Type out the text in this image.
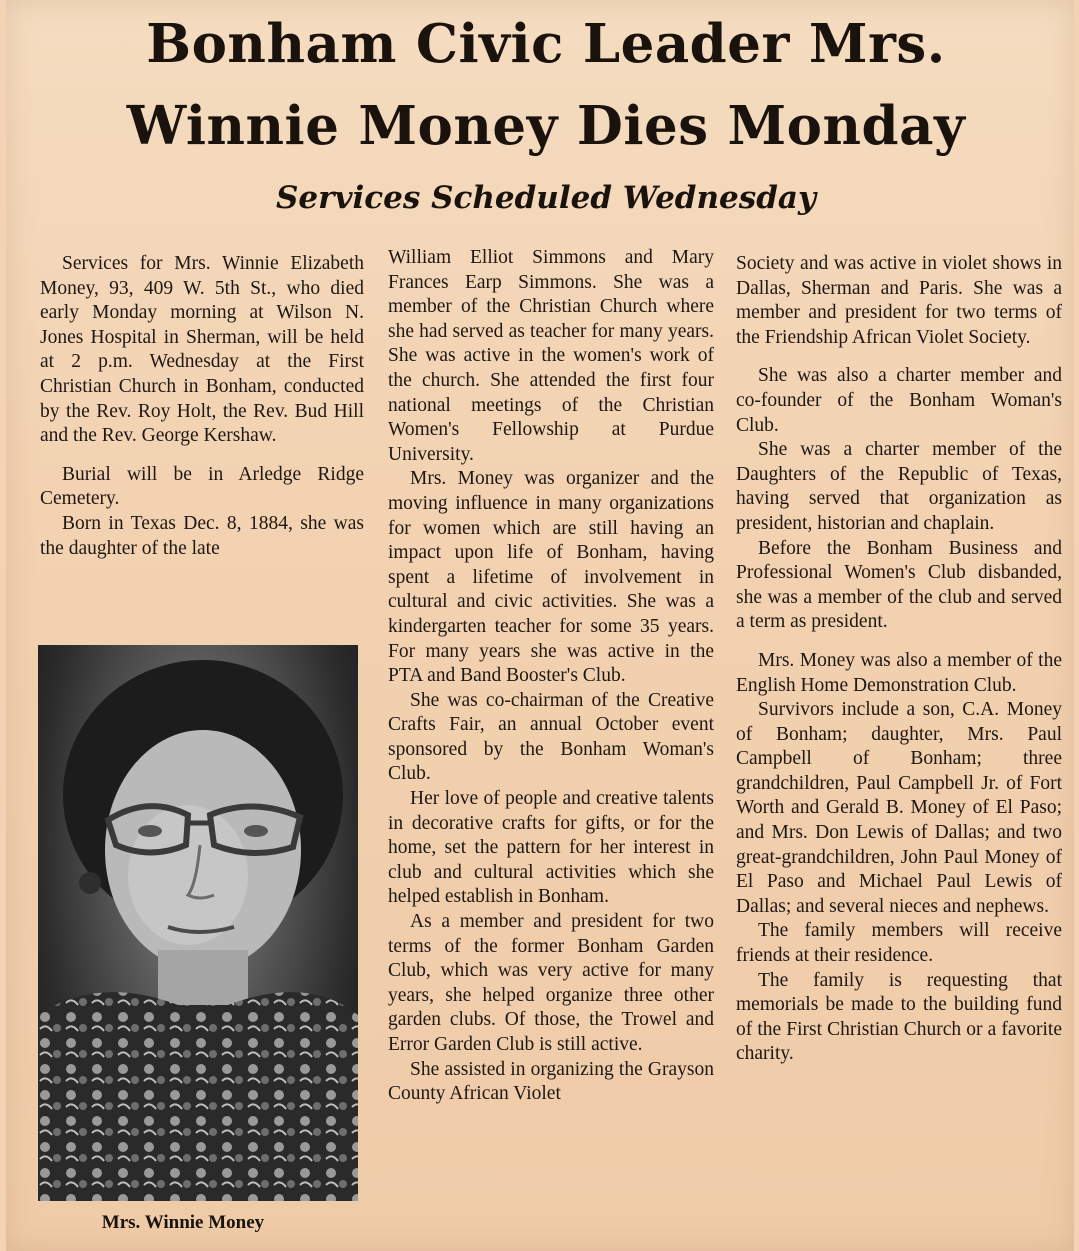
Bonham Civic Leader Mrs.
Winnie Money Dies Monday
Services Scheduled Wednesday

Services for Mrs. Winnie Elizabeth Money, 93, 409 W. 5th St., who died early Monday morning at Wilson N. Jones Hospital in Sherman, will be held at 2 p.m. Wednesday at the First Christian Church in Bonham, conducted by the Rev. Roy Holt, the Rev. Bud Hill and the Rev. George Kershaw.

Burial will be in Arledge Ridge Cemetery.

Born in Texas Dec. 8, 1884, she was the daughter of the late

Mrs. Winnie Money

William Elliot Simmons and Mary Frances Earp Simmons. She was a member of the Christian Church where she had served as teacher for many years. She was active in the women's work of the church. She attended the first four national meetings of the Christian Women's Fellowship at Purdue University.

Mrs. Money was organizer and the moving influence in many organizations for women which are still having an impact upon life of Bonham, having spent a lifetime of involvement in cultural and civic activities. She was a kindergarten teacher for some 35 years. For many years she was active in the PTA and Band Booster's Club.

She was co-chairman of the Creative Crafts Fair, an annual October event sponsored by the Bonham Woman's Club.

Her love of people and creative talents in decorative crafts for gifts, or for the home, set the pattern for her interest in club and cultural activities which she helped establish in Bonham.

As a member and president for two terms of the former Bonham Garden Club, which was very active for many years, she helped organize three other garden clubs. Of those, the Trowel and Error Garden Club is still active.

She assisted in organizing the Grayson County African Violet

Society and was active in violet shows in Dallas, Sherman and Paris. She was a member and president for two terms of the Friendship African Violet Society.

She was also a charter member and co-founder of the Bonham Woman's Club.

She was a charter member of the Daughters of the Republic of Texas, having served that organization as president, historian and chaplain.

Before the Bonham Business and Professional Women's Club disbanded, she was a member of the club and served a term as president.

Mrs. Money was also a member of the English Home Demonstration Club.

Survivors include a son, C.A. Money of Bonham; daughter, Mrs. Paul Campbell of Bonham; three grandchildren, Paul Campbell Jr. of Fort Worth and Gerald B. Money of El Paso; and Mrs. Don Lewis of Dallas; and two great-grandchildren, John Paul Money of El Paso and Michael Paul Lewis of Dallas; and several nieces and nephews.

The family members will receive friends at their residence.

The family is requesting that memorials be made to the building fund of the First Christian Church or a favorite charity.
